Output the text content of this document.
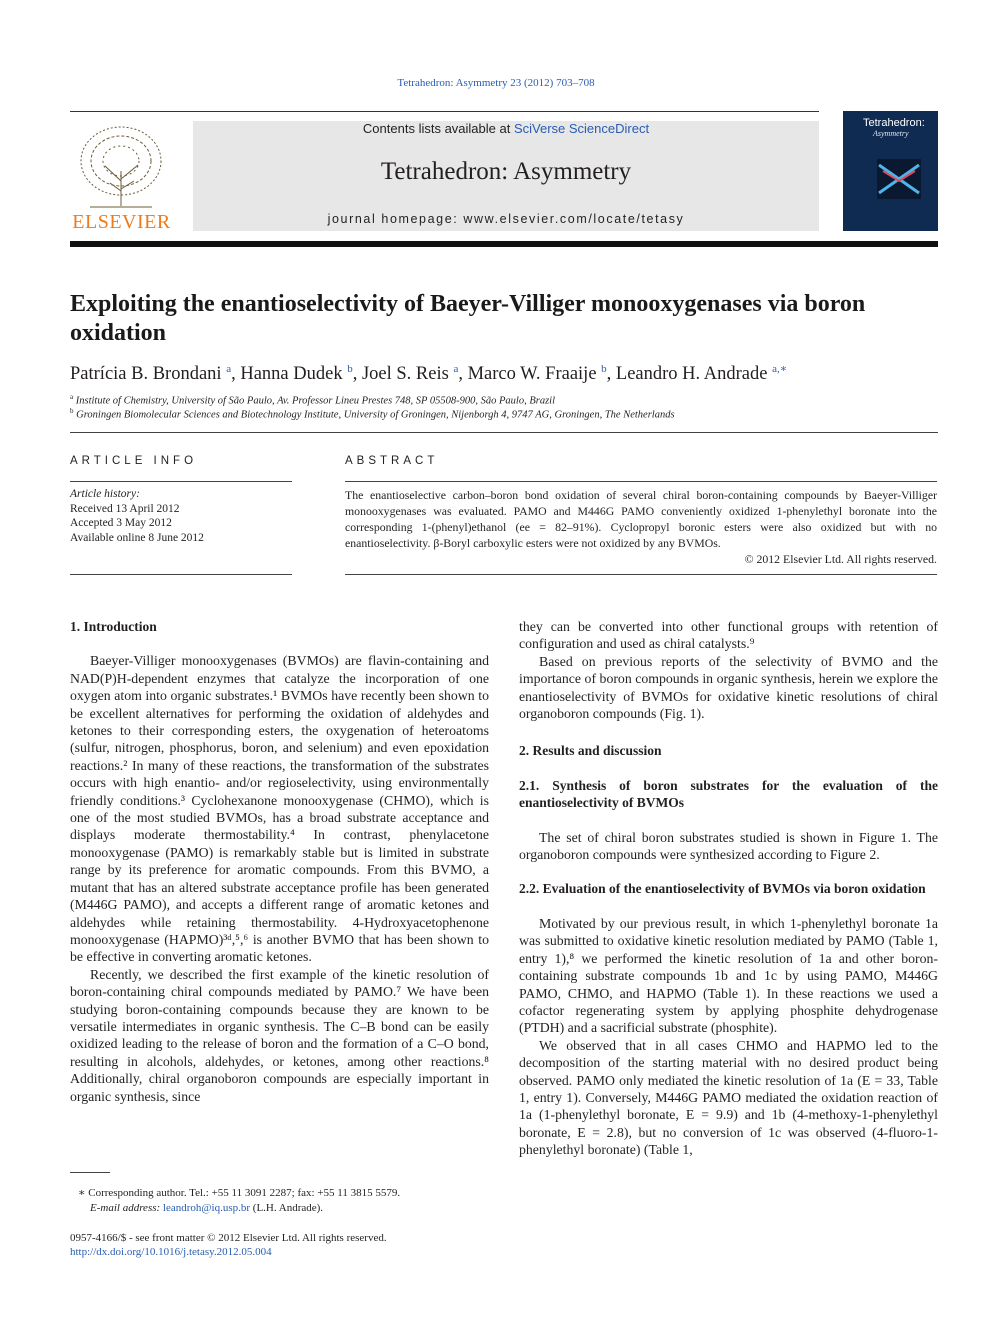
Tetrahedron: Asymmetry 23 (2012) 703–708
ELSEVIER
Contents lists available at SciVerse ScienceDirect
Tetrahedron: Asymmetry
journal homepage: www.elsevier.com/locate/tetasy
Tetrahedron:
Asymmetry
Exploiting the enantioselectivity of Baeyer-Villiger monooxygenases via boron oxidation
Patrícia B. Brondani $^a$, Hanna Dudek $^b$, Joel S. Reis $^a$, Marco W. Fraaije $^b$, Leandro H. Andrade $^{a,∗}$
$^a$ Institute of Chemistry, University of São Paulo, Av. Professor Lineu Prestes 748, SP 05508-900, São Paulo, Brazil
$^b$ Groningen Biomolecular Sciences and Biotechnology Institute, University of Groningen, Nijenborgh 4, 9747 AG, Groningen, The Netherlands
ARTICLE INFO	ABSTRACT
Article history:
Received 13 April 2012
Accepted 3 May 2012
Available online 8 June 2012
The enantioselective carbon–boron bond oxidation of several chiral boron-containing compounds by Baeyer-Villiger monooxygenases was evaluated. PAMO and M446G PAMO conveniently oxidized 1-phenylethyl boronate into the corresponding 1-(phenyl)ethanol (ee = 82–91%). Cyclopropyl boronic esters were also oxidized but with no enantioselectivity. β-Boryl carboxylic esters were not oxidized by any BVMOs.
© 2012 Elsevier Ltd. All rights reserved.
1. Introduction

Baeyer-Villiger monooxygenases (BVMOs) are flavin-containing and NAD(P)H-dependent enzymes that catalyze the incorporation of one oxygen atom into organic substrates.¹ BVMOs have recently been shown to be excellent alternatives for performing the oxidation of aldehydes and ketones to their corresponding esters, the oxygenation of heteroatoms (sulfur, nitrogen, phosphorus, boron, and selenium) and even epoxidation reactions.² In many of these reactions, the transformation of the substrates occurs with high enantio- and/or regioselectivity, using environmentally friendly conditions.³ Cyclohexanone monooxygenase (CHMO), which is one of the most studied BVMOs, has a broad substrate acceptance and displays moderate thermostability.⁴ In contrast, phenylacetone monooxygenase (PAMO) is remarkably stable but is limited in substrate range by its preference for aromatic compounds. From this BVMO, a mutant that has an altered substrate acceptance profile has been generated (M446G PAMO), and accepts a different range of aromatic ketones and aldehydes while retaining thermostability. 4-Hydroxyacetophenone monooxygenase (HAPMO)³ᵈ,⁵,⁶ is another BVMO that has been shown to be effective in converting aromatic ketones.

Recently, we described the first example of the kinetic resolution of boron-containing chiral compounds mediated by PAMO.⁷ We have been studying boron-containing compounds because they are known to be versatile intermediates in organic synthesis. The C–B bond can be easily oxidized leading to the release of boron and the formation of a C–O bond, resulting in alcohols, aldehydes, or ketones, among other reactions.⁸ Additionally, chiral organoboron compounds are especially important in organic synthesis, since

they can be converted into other functional groups with retention of configuration and used as chiral catalysts.⁹

Based on previous reports of the selectivity of BVMO and the importance of boron compounds in organic synthesis, herein we explore the enantioselectivity of BVMOs for oxidative kinetic resolutions of chiral organoboron compounds (Fig. 1).

2. Results and discussion
2.1. Synthesis of boron substrates for the evaluation of the enantioselectivity of BVMOs

The set of chiral boron substrates studied is shown in Figure 1. The organoboron compounds were synthesized according to Figure 2.

2.2. Evaluation of the enantioselectivity of BVMOs via boron oxidation

Motivated by our previous result, in which 1-phenylethyl boronate 1a was submitted to oxidative kinetic resolution mediated by PAMO (Table 1, entry 1),⁸ we performed the kinetic resolution of 1a and other boron-containing substrate compounds 1b and 1c by using PAMO, M446G PAMO, CHMO, and HAPMO (Table 1). In these reactions we used a cofactor regenerating system by applying phosphite dehydrogenase (PTDH) and a sacrificial substrate (phosphite).

We observed that in all cases CHMO and HAPMO led to the decomposition of the starting material with no desired product being observed. PAMO only mediated the kinetic resolution of 1a (E = 33, Table 1, entry 1). Conversely, M446G PAMO mediated the oxidation reaction of 1a (1-phenylethyl boronate, E = 9.9) and 1b (4-methoxy-1-phenylethyl boronate, E = 2.8), but no conversion of 1c was observed (4-fluoro-1-phenylethyl boronate) (Table 1,

∗ Corresponding author. Tel.: +55 11 3091 2287; fax: +55 11 3815 5579.
E-mail address: leandroh@iq.usp.br (L.H. Andrade).
0957-4166/$ - see front matter © 2012 Elsevier Ltd. All rights reserved.
http://dx.doi.org/10.1016/j.tetasy.2012.05.004
